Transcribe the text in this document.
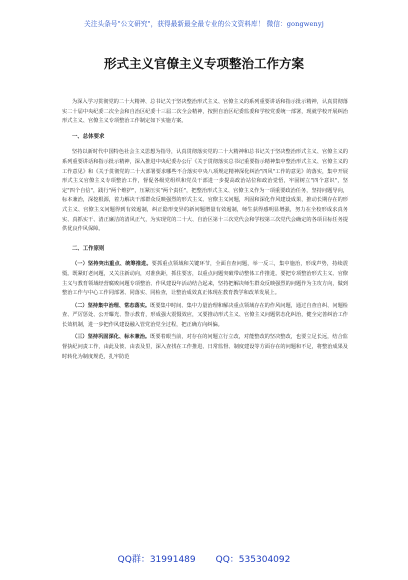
关注头条号"公文研究"，获得最新最全最专业的公文资料库！ 微信：gongwenyj
形式主义官僚主义专项整治工作方案

为深入学习贯彻党的二十大精神、总书记关于坚决整治形式主义、官僚主义的系列重要讲话和指示批示精神，认真贯彻落实二十届中央纪委二次全会和自治区纪委十三届二次全会精神，按照自治区纪委监委和学校党委统一部署，现就学校开展纠治形式主义、官僚主义专项整治工作制定如下实施方案。

一、总体要求

坚持以新时代中国特色社会主义思想为指导，认真贯彻落实党的二十大精神和总书记关于坚决整治形式主义、官僚主义的系列重要讲话和指示批示精神，深入推进中央纪委办公厅《关于贯彻落实总书记重要指示精神集中整治形式主义、官僚主义的工作意见》和《关于贯彻党的二十大部署要求哪些不合落实中央八项规定精神深化纠治"四风"工作的意见》的落实，集中开展形式主义官僚主义专项整治工作，督促各级党组织和党员干部进一步提高政治站位和政治觉悟，牢固树立"四个意识"，坚定"四个自信"，践行"两个维护"，压紧压实"两个责任"，把整治形式主义、官僚主义作为一项重要政治任务，坚持问题导向，标本兼治，深挖根源，着力解决干部群众反映强烈的形式主义、官僚主义问题，巩固和深化作风建设成果，推动长期存在的形式主义、官僚主义问题得到有效遏制，纠正隐形变异的新问题增量有效遏制，师生获得感明显增强，努力在全校形成求真务实、真抓实干、清正廉洁的清风正气，为实现党的二十大、自治区第十三次党代会和学校第三次党代会确定的各项目标任务提供优良作风保障。

二、工作原则

（一）坚持突出重点、统筹推进。要抓重点领域和关键环节，全面自查问题，举一反三，集中施治，形成声势，持续震慑。既紧盯老问题，又关注新动向，对准焦距，抓住要害，以重点问题突破带动整体工作推进。要把专项整治形式主义、官僚主义与教育领域经营腐败问题专项整治、作风建设年活动结合起来，坚持把解决师生群众反映强烈的问题作为主攻方向，做到整治工作与中心工作同部署、同落实、同检查，让整治成效真正体现在教育教学和改革发展上。

（二）坚持集中治理、常态落实。既要集中时间、集中力量治理和解决重点领域存在的作风问题，通过自查自纠、问题检查、严厉惩处、公开曝光、警示教育，形成强大震慑效应，又要推动形式主义、官僚主义问题常态化纠治，健全完善纠治工作长效机制，进一步把作风建设融入管党治党全过程，把正确方向纠偏。

（三）坚持巩固深化、标本兼治。既要着眼当前，对存在的问题立行立改，对能整改的坚决整改，也要立足长远，结合监督执纪问责工作，由此及彼、由表及里，深入查找在工作推进、日常监督、制度建设等方面存在的问题和不足，将整治成果及时转化为制度规范，扎牢防范

QQ群：31991489 QQ：535304092
